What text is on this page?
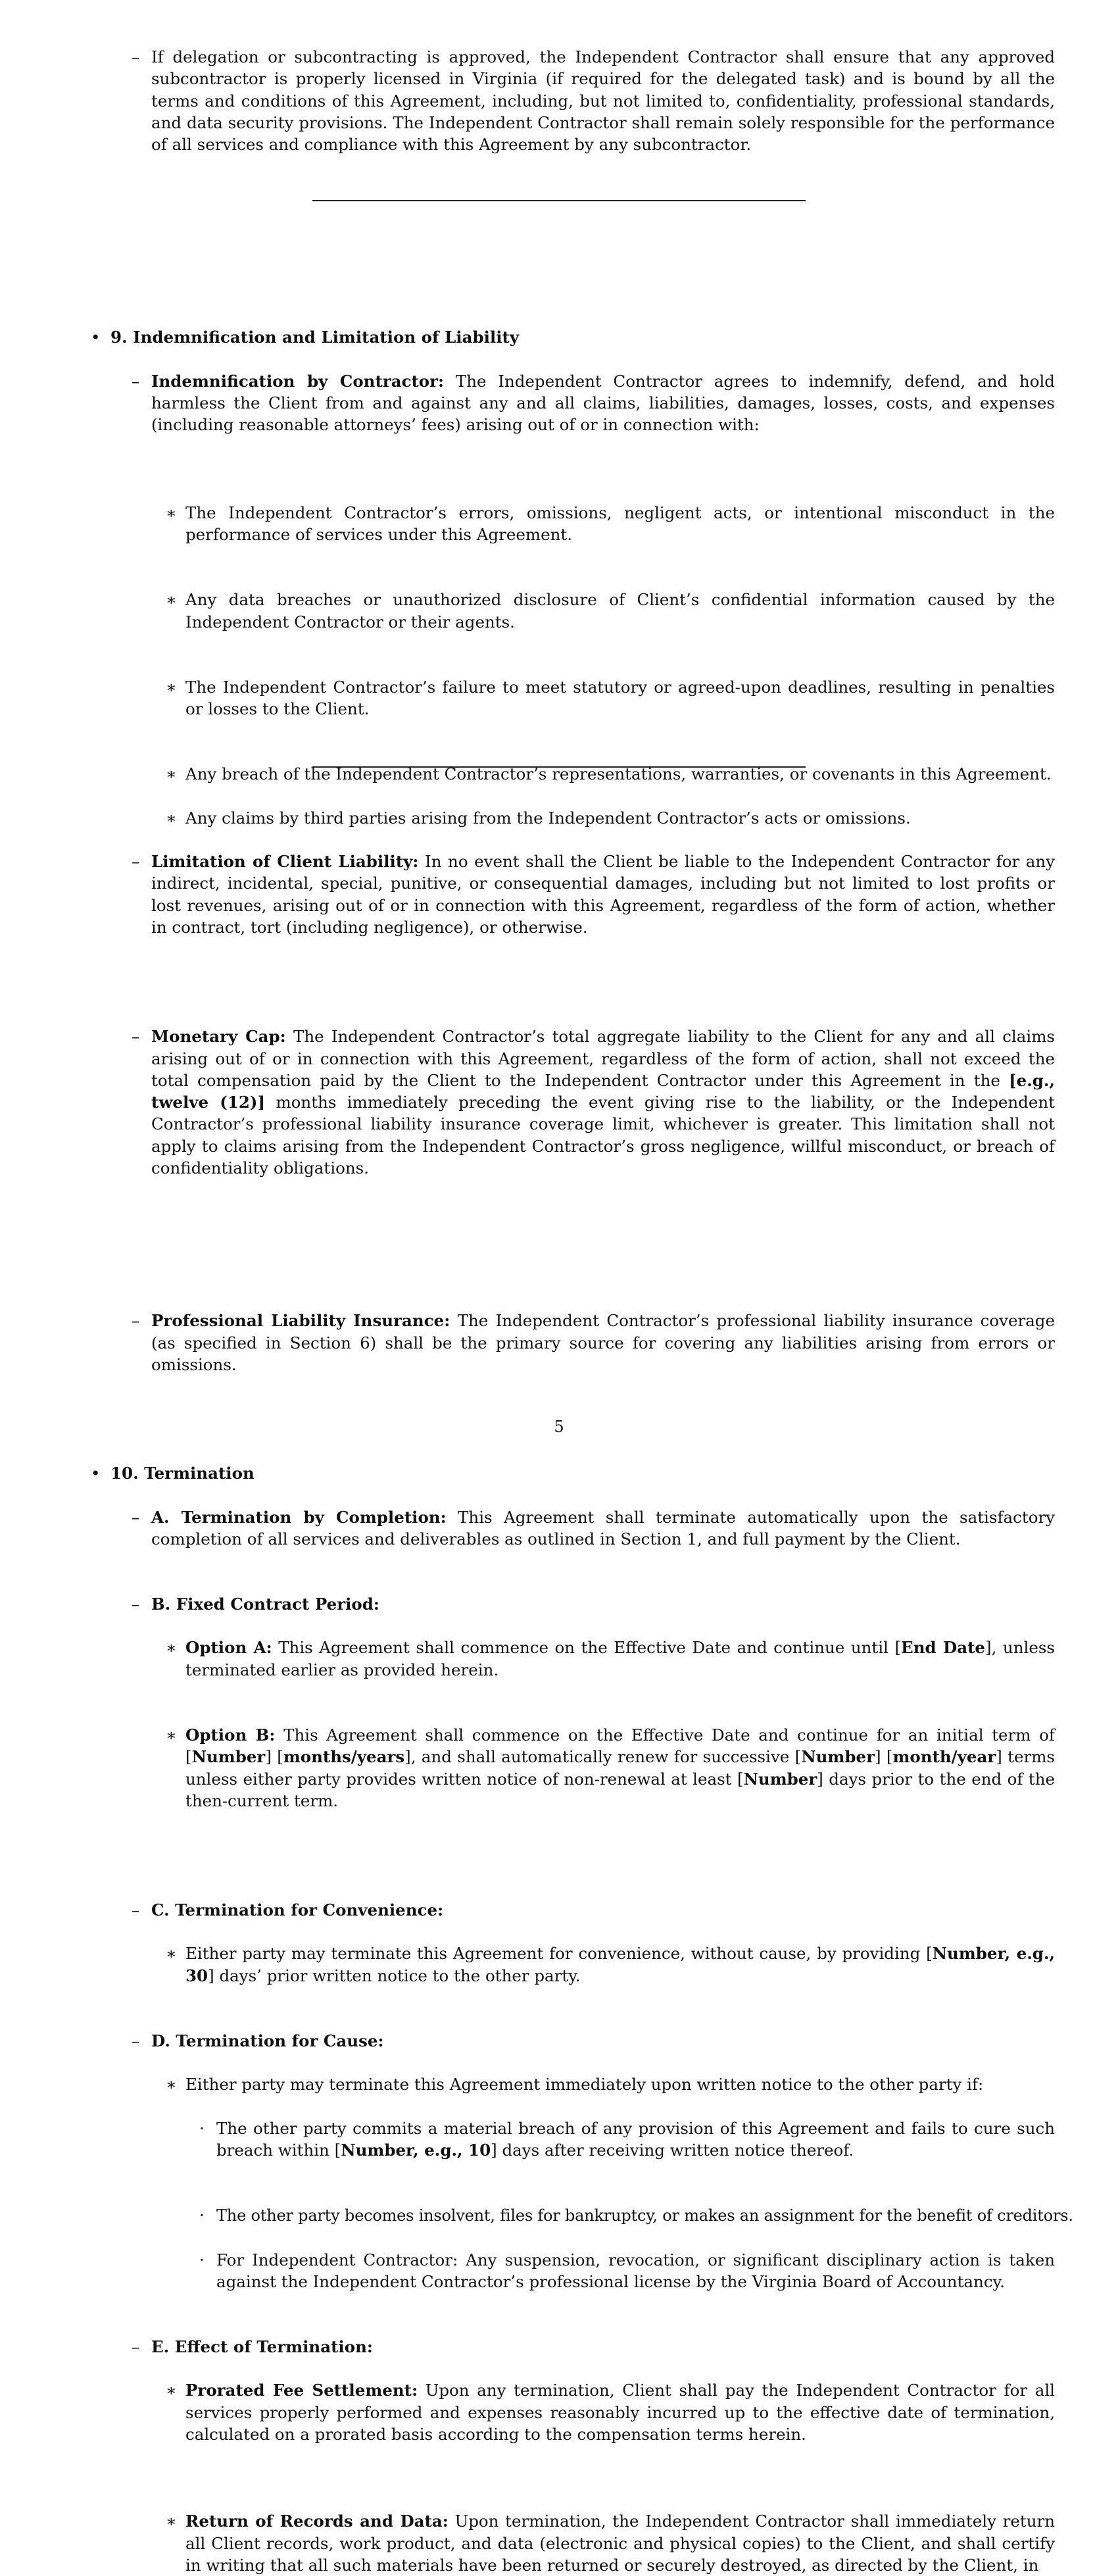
– If delegation or subcontracting is approved, the Independent Contractor shall ensure that any approved subcontractor is properly licensed in Virginia (if required for the delegated task) and is bound by all the terms and conditions of this Agreement, including, but not limited to, confidentiality, professional standards, and data security provisions. The Independent Contractor shall remain solely responsible for the performance of all services and compliance with this Agreement by any subcontractor.
• 9. Indemnification and Limitation of Liability
– Indemnification by Contractor: The Independent Contractor agrees to indemnify, defend, and hold harmless the Client from and against any and all claims, liabilities, damages, losses, costs, and expenses (including reasonable attorneys’ fees) arising out of or in connection with:
∗ The Independent Contractor’s errors, omissions, negligent acts, or intentional misconduct in the performance of services under this Agreement.
∗ Any data breaches or unauthorized disclosure of Client’s confidential information caused by the Independent Contractor or their agents.
∗ The Independent Contractor’s failure to meet statutory or agreed-upon deadlines, resulting in penalties or losses to the Client.
∗ Any breach of the Independent Contractor’s representations, warranties, or covenants in this Agreement.
∗ Any claims by third parties arising from the Independent Contractor’s acts or omissions.
– Limitation of Client Liability: In no event shall the Client be liable to the Independent Contractor for any indirect, incidental, special, punitive, or consequential damages, including but not limited to lost profits or lost revenues, arising out of or in connection with this Agreement, regardless of the form of action, whether in contract, tort (including negligence), or otherwise.
– Monetary Cap: The Independent Contractor’s total aggregate liability to the Client for any and all claims arising out of or in connection with this Agreement, regardless of the form of action, shall not exceed the total compensation paid by the Client to the Independent Contractor under this Agreement in the [e.g., twelve (12)] months immediately preceding the event giving rise to the liability, or the Independent Contractor’s professional liability insurance coverage limit, whichever is greater. This limitation shall not apply to claims arising from the Independent Contractor’s gross negligence, willful misconduct, or breach of confidentiality obligations.
– Professional Liability Insurance: The Independent Contractor’s professional liability insurance coverage (as specified in Section 6) shall be the primary source for covering any liabilities arising from errors or omissions.
• 10. Termination
– A. Termination by Completion: This Agreement shall terminate automatically upon the satisfactory completion of all services and deliverables as outlined in Section 1, and full payment by the Client.
– B. Fixed Contract Period:
∗ Option A: This Agreement shall commence on the Effective Date and continue until [End Date], unless terminated earlier as provided herein.
∗ Option B: This Agreement shall commence on the Effective Date and continue for an initial term of [Number] [months/years], and shall automatically renew for successive [Number] [month/year] terms unless either party provides written notice of non-renewal at least [Number] days prior to the end of the then-current term.
– C. Termination for Convenience:
∗ Either party may terminate this Agreement for convenience, without cause, by providing [Number, e.g., 30] days’ prior written notice to the other party.
– D. Termination for Cause:
∗ Either party may terminate this Agreement immediately upon written notice to the other party if:
· The other party commits a material breach of any provision of this Agreement and fails to cure such breach within [Number, e.g., 10] days after receiving written notice thereof.
· The other party becomes insolvent, files for bankruptcy, or makes an assignment for the benefit of creditors.
· For Independent Contractor: Any suspension, revocation, or significant disciplinary action is taken against the Independent Contractor’s professional license by the Virginia Board of Accountancy.
– E. Effect of Termination:
∗ Prorated Fee Settlement: Upon any termination, Client shall pay the Independent Contractor for all services properly performed and expenses reasonably incurred up to the effective date of termination, calculated on a prorated basis according to the compensation terms herein.
∗ Return of Records and Data: Upon termination, the Independent Contractor shall immediately return all Client records, work product, and data (electronic and physical copies) to the Client, and shall certify in writing that all such materials have been returned or securely destroyed, as directed by the Client, in
5
